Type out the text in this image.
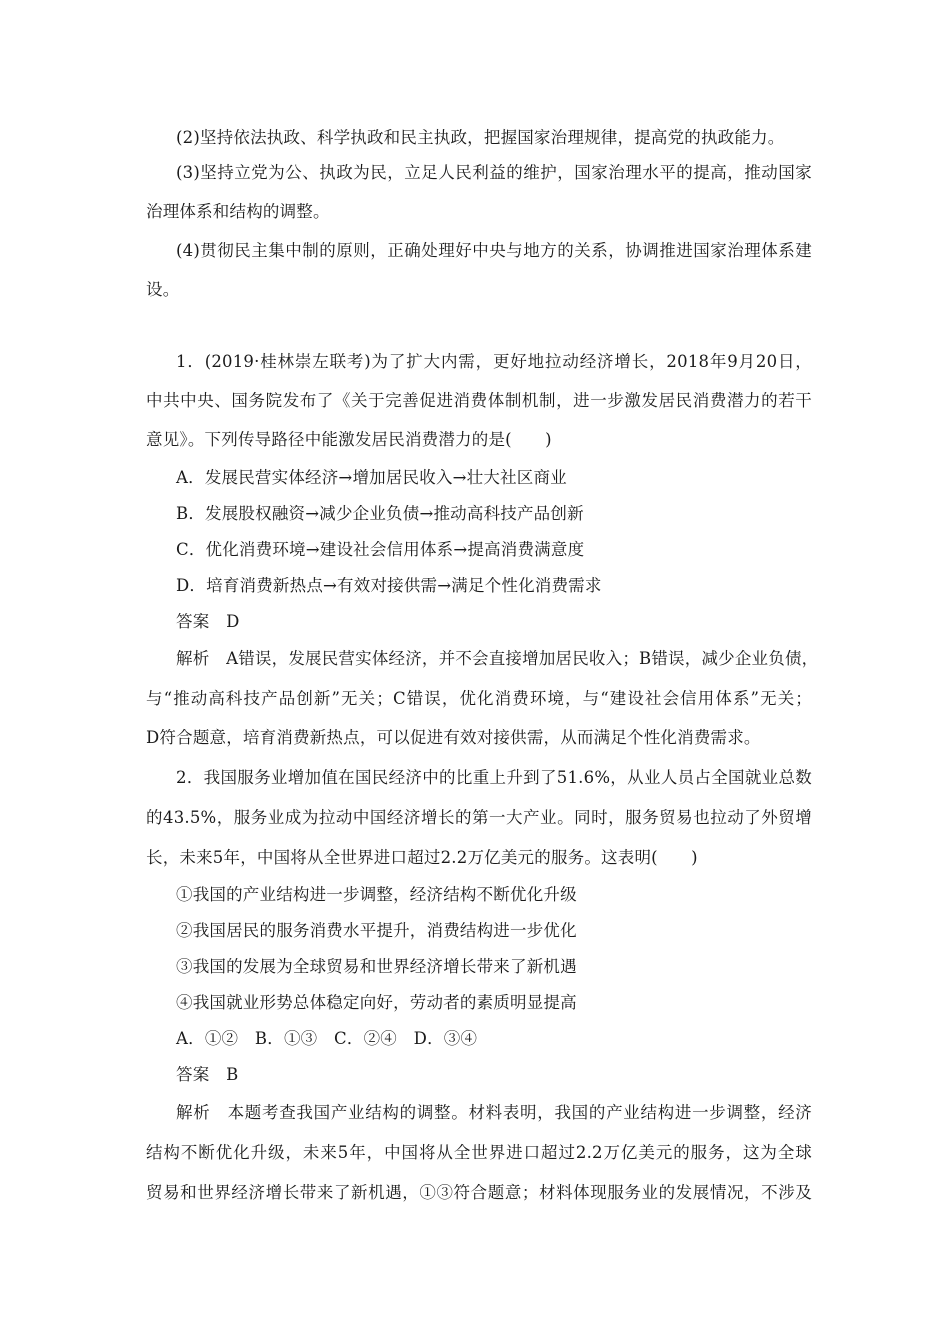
(2)坚持依法执政、科学执政和民主执政，把握国家治理规律，提高党的执政能力。
(3)坚持立党为公、执政为民，立足人民利益的维护，国家治理水平的提高，推动国家
治理体系和结构的调整。
(4)贯彻民主集中制的原则，正确处理好中央与地方的关系，协调推进国家治理体系建
设。
1．(2019·桂林崇左联考)为了扩大内需，更好地拉动经济增长，2018年9月20日，
中共中央、国务院发布了《关于完善促进消费体制机制，进一步激发居民消费潜力的若干
意见》。下列传导路径中能激发居民消费潜力的是(　　)
A．发展民营实体经济→增加居民收入→壮大社区商业
B．发展股权融资→减少企业负债→推动高科技产品创新
C．优化消费环境→建设社会信用体系→提高消费满意度
D．培育消费新热点→有效对接供需→满足个性化消费需求
答案　D
解析　A错误，发展民营实体经济，并不会直接增加居民收入；B错误，减少企业负债，
与“推动高科技产品创新”无关；C错误，优化消费环境，与“建设社会信用体系”无关；
D符合题意，培育消费新热点，可以促进有效对接供需，从而满足个性化消费需求。
2．我国服务业增加值在国民经济中的比重上升到了51.6%，从业人员占全国就业总数
的43.5%，服务业成为拉动中国经济增长的第一大产业。同时，服务贸易也拉动了外贸增
长，未来5年，中国将从全世界进口超过2.2万亿美元的服务。这表明(　　)
①我国的产业结构进一步调整，经济结构不断优化升级
②我国居民的服务消费水平提升，消费结构进一步优化
③我国的发展为全球贸易和世界经济增长带来了新机遇
④我国就业形势总体稳定向好，劳动者的素质明显提高
A．①②　B．①③　C．②④　D．③④
答案　B
解析　本题考查我国产业结构的调整。材料表明，我国的产业结构进一步调整，经济
结构不断优化升级，未来5年，中国将从全世界进口超过2.2万亿美元的服务，这为全球
贸易和世界经济增长带来了新机遇，①③符合题意；材料体现服务业的发展情况，不涉及
